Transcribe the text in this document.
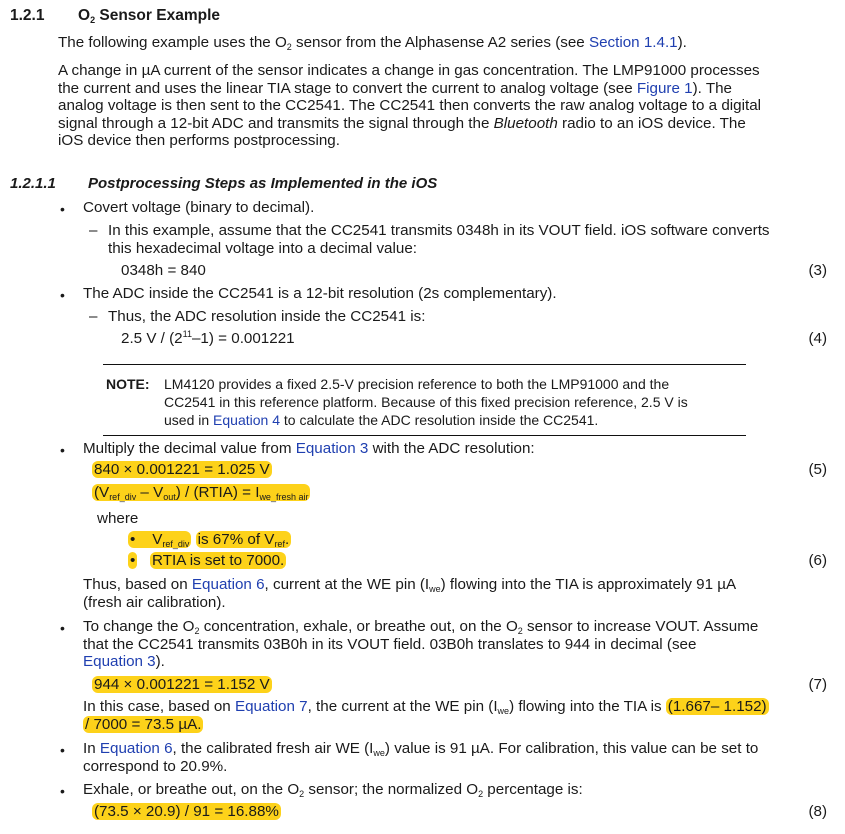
1.2.1 $O_2$ Sensor Example
The following example uses the $O_2$ sensor from the Alphasense A2 series (see Section 1.4.1).
A change in µA current of the sensor indicates a change in gas concentration. The LMP91000 processes
the current and uses the linear TIA stage to convert the current to analog voltage (see Figure 1). The
analog voltage is then sent to the CC2541. The CC2541 then converts the raw analog voltage to a digital
signal through a 12-bit ADC and transmits the signal through the Bluetooth radio to an iOS device. The
iOS device then performs postprocessing.
1.2.1.1 Postprocessing Steps as Implemented in the iOS
• Covert voltage (binary to decimal).
– In this example, assume that the CC2541 transmits 0348h in its VOUT field. iOS software converts
this hexadecimal voltage into a decimal value:
0348h = 840	(3)
• The ADC inside the CC2541 is a 12-bit resolution (2s complementary).
– Thus, the ADC resolution inside the CC2541 is:
2.5 $V / (2^{11}-1) = 0.001221$	(4)
NOTE: LM4120 provides a fixed 2.5-V precision reference to both the LMP91000 and the
CC2541 in this reference platform. Because of this fixed precision reference, 2.5 V is
used in Equation 4 to calculate the ADC resolution inside the CC2541.
• Multiply the decimal value from Equation 3 with the ADC resolution:
840 × 0.001221 = 1.025 V	(5)
$(V_{ref\_div} - V_{out})$ / (RTIA) = $I_{we\_fresh air}$
where
• $V_{ref\_div}$ is 67% of $V_{ref}$.
• RTIA is set to 7000.	(6)
Thus, based on Equation 6, current at the WE pin $(I_{we})$ flowing into the TIA is approximately 91 µA
(fresh air calibration).
• To change the $O_2$ concentration, exhale, or breathe out, on the $O_2$ sensor to increase VOUT. Assume
that the CC2541 transmits 03B0h in its VOUT field. 03B0h translates to 944 in decimal (see
Equation 3).
944 × 0.001221 = 1.152 V	(7)
In this case, based on Equation 7, the current at the WE pin $(I_{we})$ flowing into the TIA is (1.667– 1.152)
/ 7000 = 73.5 µA.
• In Equation 6, the calibrated fresh air WE $(I_{we})$ value is 91 µA. For calibration, this value can be set to
correspond to 20.9%.
• Exhale, or breathe out, on the $O_2$ sensor; the normalized $O_2$ percentage is:
(73.5 × 20.9) / 91 = 16.88%	(8)
